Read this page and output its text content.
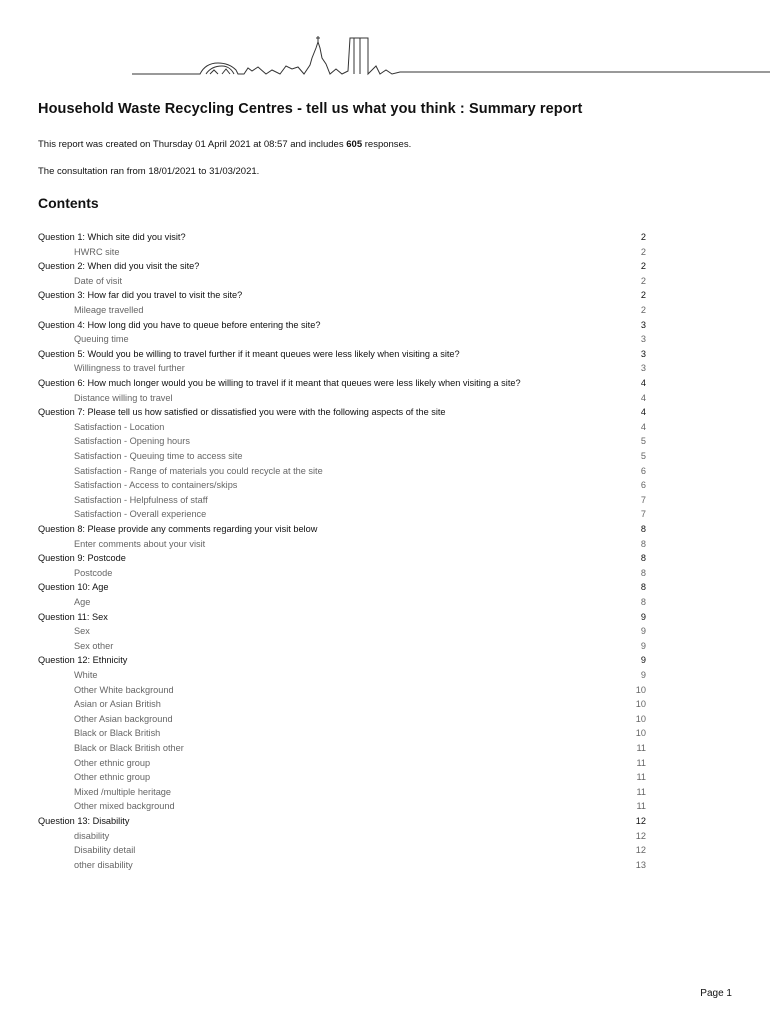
Household Waste Recycling Centres - tell us what you think : Summary report

This report was created on Thursday 01 April 2021 at 08:57 and includes 605 responses.

The consultation ran from 18/01/2021 to 31/03/2021.

Contents
Question 1: Which site did you visit?	2
HWRC site	2
Question 2: When did you visit the site?	2
Date of visit	2
Question 3: How far did you travel to visit the site?	2
Mileage travelled	2
Question 4: How long did you have to queue before entering the site?	3
Queuing time	3
Question 5: Would you be willing to travel further if it meant queues were less likely when visiting a site?	3
Willingness to travel further	3
Question 6: How much longer would you be willing to travel if it meant that queues were less likely when visiting a site?	4
Distance willing to travel	4
Question 7: Please tell us how satisfied or dissatisfied you were with the following aspects of the site	4
Satisfaction - Location	4
Satisfaction - Opening hours	5
Satisfaction - Queuing time to access site	5
Satisfaction - Range of materials you could recycle at the site	6
Satisfaction - Access to containers/skips	6
Satisfaction - Helpfulness of staff	7
Satisfaction - Overall experience	7
Question 8: Please provide any comments regarding your visit below	8
Enter comments about your visit	8
Question 9: Postcode	8
Postcode	8
Question 10: Age	8
Age	8
Question 11: Sex	9
Sex	9
Sex other	9
Question 12: Ethnicity	9
White	9
Other White background	10
Asian or Asian British	10
Other Asian background	10
Black or Black British	10
Black or Black British other	11
Other ethnic group	11
Other ethnic group	11
Mixed /multiple heritage	11
Other mixed background	11
Question 13: Disability	12
disability	12
Disability detail	12
other disability	13
Page 1
